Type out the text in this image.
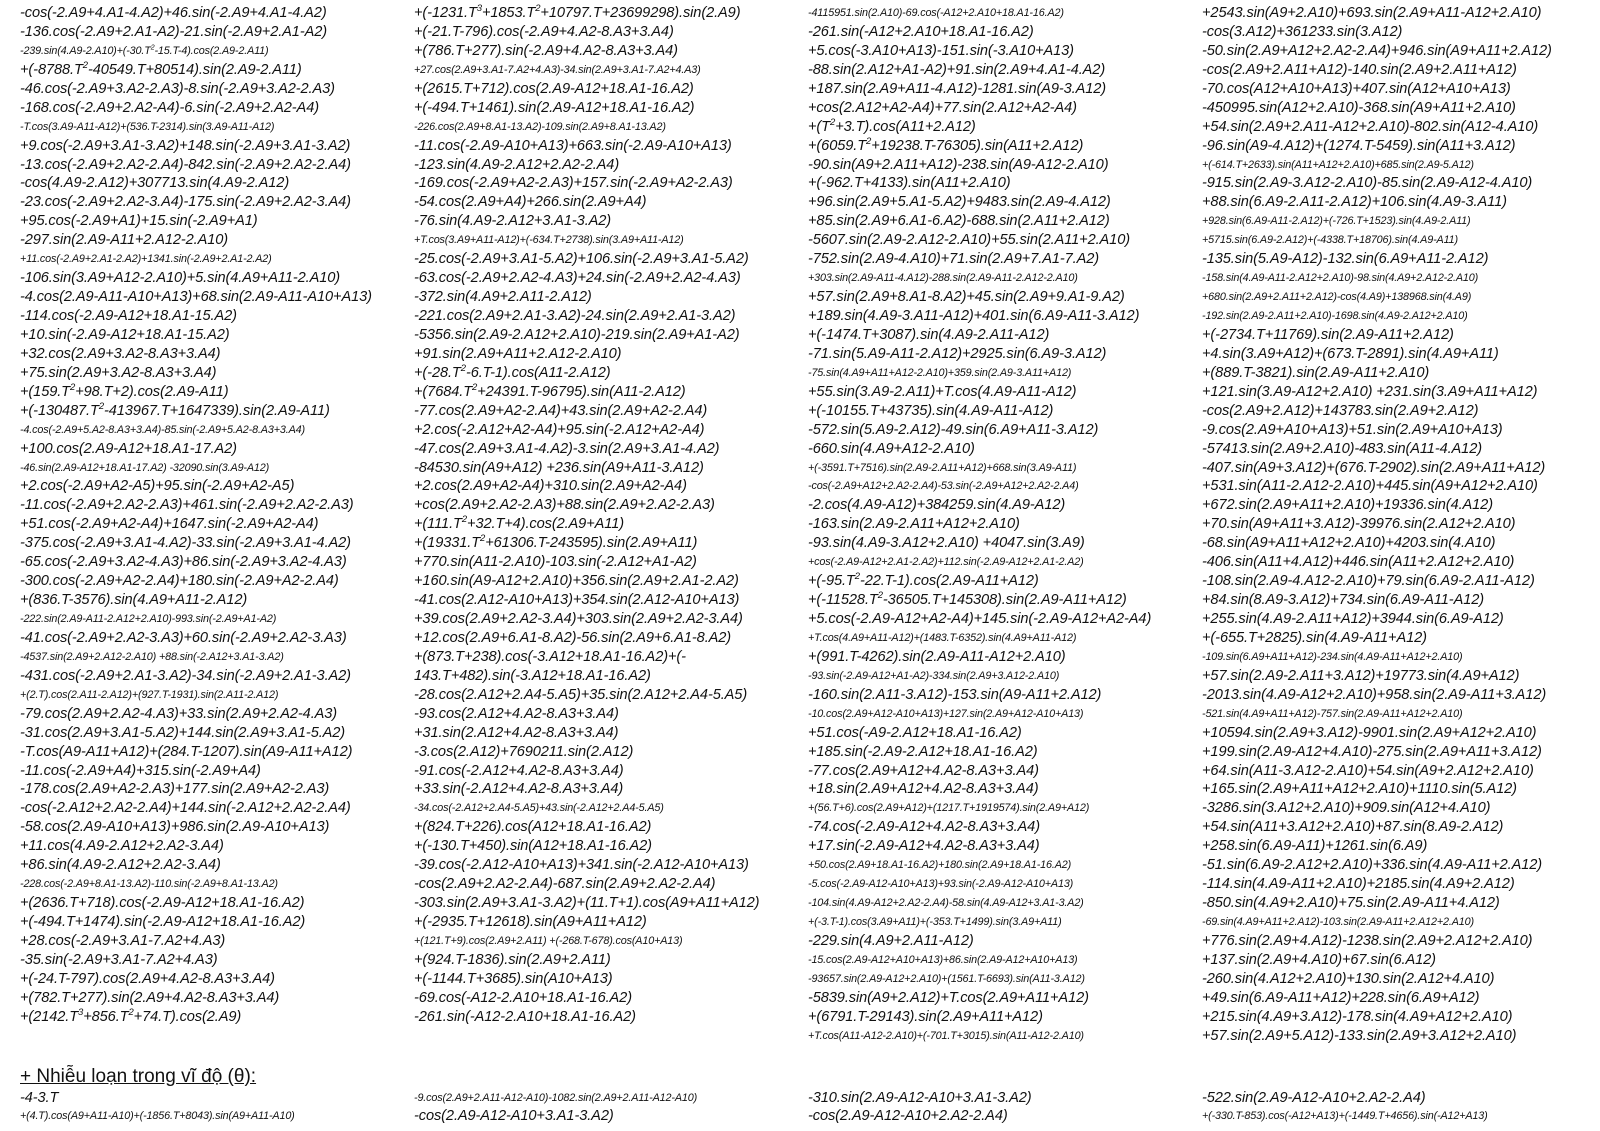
-cos(-2.A9+4.A1-4.A2)+46.sin(-2.A9+4.A1-4.A2)
-136.cos(-2.A9+2.A1-A2)-21.sin(-2.A9+2.A1-A2)
$-239.\sin(4.A9-2.A10)+(-30.T^2-15.T-4).\cos(2.A9-2.A11)$
$+(-8788.T^2-40549.T+80514).\sin(2.A9-2.A11)$
-46.cos(-2.A9+3.A2-2.A3)-8.sin(-2.A9+3.A2-2.A3)
-168.cos(-2.A9+2.A2-A4)-6.sin(-2.A9+2.A2-A4)
-T.cos(3.A9-A11-A12)+(536.T-2314).sin(3.A9-A11-A12)
+9.cos(-2.A9+3.A1-3.A2)+148.sin(-2.A9+3.A1-3.A2)
-13.cos(-2.A9+2.A2-2.A4)-842.sin(-2.A9+2.A2-2.A4)
-cos(4.A9-2.A12)+307713.sin(4.A9-2.A12)
-23.cos(-2.A9+2.A2-3.A4)-175.sin(-2.A9+2.A2-3.A4)
+95.cos(-2.A9+A1)+15.sin(-2.A9+A1)
-297.sin(2.A9-A11+2.A12-2.A10)
+11.cos(-2.A9+2.A1-2.A2)+1341.sin(-2.A9+2.A1-2.A2)
-106.sin(3.A9+A12-2.A10)+5.sin(4.A9+A11-2.A10)
-4.cos(2.A9-A11-A10+A13)+68.sin(2.A9-A11-A10+A13)
-114.cos(-2.A9-A12+18.A1-15.A2)
+10.sin(-2.A9-A12+18.A1-15.A2)
+32.cos(2.A9+3.A2-8.A3+3.A4)
+75.sin(2.A9+3.A2-8.A3+3.A4)
$+(159.T^2+98.T+2).\cos(2.A9-A11)$
$+(-130487.T^2-413967.T+1647339).\sin(2.A9-A11)$
-4.cos(-2.A9+5.A2-8.A3+3.A4)-85.sin(-2.A9+5.A2-8.A3+3.A4)
+100.cos(2.A9-A12+18.A1-17.A2)
-46.sin(2.A9-A12+18.A1-17.A2) -32090.sin(3.A9-A12)
+2.cos(-2.A9+A2-A5)+95.sin(-2.A9+A2-A5)
-11.cos(-2.A9+2.A2-2.A3)+461.sin(-2.A9+2.A2-2.A3)
+51.cos(-2.A9+A2-A4)+1647.sin(-2.A9+A2-A4)
-375.cos(-2.A9+3.A1-4.A2)-33.sin(-2.A9+3.A1-4.A2)
-65.cos(-2.A9+3.A2-4.A3)+86.sin(-2.A9+3.A2-4.A3)
-300.cos(-2.A9+A2-2.A4)+180.sin(-2.A9+A2-2.A4)
+(836.T-3576).sin(4.A9+A11-2.A12)
-222.sin(2.A9-A11-2.A12+2.A10)-993.sin(-2.A9+A1-A2)
-41.cos(-2.A9+2.A2-3.A3)+60.sin(-2.A9+2.A2-3.A3)
-4537.sin(2.A9+2.A12-2.A10) +88.sin(-2.A12+3.A1-3.A2)
-431.cos(-2.A9+2.A1-3.A2)-34.sin(-2.A9+2.A1-3.A2)
+(2.T).cos(2.A11-2.A12)+(927.T-1931).sin(2.A11-2.A12)
-79.cos(2.A9+2.A2-4.A3)+33.sin(2.A9+2.A2-4.A3)
-31.cos(2.A9+3.A1-5.A2)+144.sin(2.A9+3.A1-5.A2)
-T.cos(A9-A11+A12)+(284.T-1207).sin(A9-A11+A12)
-11.cos(-2.A9+A4)+315.sin(-2.A9+A4)
-178.cos(2.A9+A2-2.A3)+177.sin(2.A9+A2-2.A3)
-cos(-2.A12+2.A2-2.A4)+144.sin(-2.A12+2.A2-2.A4)
-58.cos(2.A9-A10+A13)+986.sin(2.A9-A10+A13)
+11.cos(4.A9-2.A12+2.A2-3.A4)
+86.sin(4.A9-2.A12+2.A2-3.A4)
-228.cos(-2.A9+8.A1-13.A2)-110.sin(-2.A9+8.A1-13.A2)
+(2636.T+718).cos(-2.A9-A12+18.A1-16.A2)
+(-494.T+1474).sin(-2.A9-A12+18.A1-16.A2)
+28.cos(-2.A9+3.A1-7.A2+4.A3)
-35.sin(-2.A9+3.A1-7.A2+4.A3)
+(-24.T-797).cos(2.A9+4.A2-8.A3+3.A4)
+(782.T+277).sin(2.A9+4.A2-8.A3+3.A4)
$+(2142.T^3+856.T^2+74.T).\cos(2.A9)$
$+(-1231.T^3+1853.T^2+10797.T+23699298).\sin(2.A9)$
+(-21.T-796).cos(-2.A9+4.A2-8.A3+3.A4)
+(786.T+277).sin(-2.A9+4.A2-8.A3+3.A4)
+27.cos(2.A9+3.A1-7.A2+4.A3)-34.sin(2.A9+3.A1-7.A2+4.A3)
+(2615.T+712).cos(2.A9-A12+18.A1-16.A2)
+(-494.T+1461).sin(2.A9-A12+18.A1-16.A2)
-226.cos(2.A9+8.A1-13.A2)-109.sin(2.A9+8.A1-13.A2)
-11.cos(-2.A9-A10+A13)+663.sin(-2.A9-A10+A13)
-123.sin(4.A9-2.A12+2.A2-2.A4)
-169.cos(-2.A9+A2-2.A3)+157.sin(-2.A9+A2-2.A3)
-54.cos(2.A9+A4)+266.sin(2.A9+A4)
-76.sin(4.A9-2.A12+3.A1-3.A2)
+T.cos(3.A9+A11-A12)+(-634.T+2738).sin(3.A9+A11-A12)
-25.cos(-2.A9+3.A1-5.A2)+106.sin(-2.A9+3.A1-5.A2)
-63.cos(-2.A9+2.A2-4.A3)+24.sin(-2.A9+2.A2-4.A3)
-372.sin(4.A9+2.A11-2.A12)
-221.cos(2.A9+2.A1-3.A2)-24.sin(2.A9+2.A1-3.A2)
-5356.sin(2.A9-2.A12+2.A10)-219.sin(2.A9+A1-A2)
+91.sin(2.A9+A11+2.A12-2.A10)
$+(-28.T^2-6.T-1).\cos(A11-2.A12)$
$+(7684.T^2+24391.T-96795).\sin(A11-2.A12)$
-77.cos(2.A9+A2-2.A4)+43.sin(2.A9+A2-2.A4)
+2.cos(-2.A12+A2-A4)+95.sin(-2.A12+A2-A4)
-47.cos(2.A9+3.A1-4.A2)-3.sin(2.A9+3.A1-4.A2)
-84530.sin(A9+A12) +236.sin(A9+A11-3.A12)
+2.cos(2.A9+A2-A4)+310.sin(2.A9+A2-A4)
+cos(2.A9+2.A2-2.A3)+88.sin(2.A9+2.A2-2.A3)
$+(111.T^2+32.T+4).\cos(2.A9+A11)$
$+(19331.T^2+61306.T-243595).\sin(2.A9+A11)$
+770.sin(A11-2.A10)-103.sin(-2.A12+A1-A2)
+160.sin(A9-A12+2.A10)+356.sin(2.A9+2.A1-2.A2)
-41.cos(2.A12-A10+A13)+354.sin(2.A12-A10+A13)
+39.cos(2.A9+2.A2-3.A4)+303.sin(2.A9+2.A2-3.A4)
+12.cos(2.A9+6.A1-8.A2)-56.sin(2.A9+6.A1-8.A2)
+(873.T+238).cos(-3.A12+18.A1-16.A2)+(-
143.T+482).sin(-3.A12+18.A1-16.A2)
-28.cos(2.A12+2.A4-5.A5)+35.sin(2.A12+2.A4-5.A5)
-93.cos(2.A12+4.A2-8.A3+3.A4)
+31.sin(2.A12+4.A2-8.A3+3.A4)
-3.cos(2.A12)+7690211.sin(2.A12)
-91.cos(-2.A12+4.A2-8.A3+3.A4)
+33.sin(-2.A12+4.A2-8.A3+3.A4)
-34.cos(-2.A12+2.A4-5.A5)+43.sin(-2.A12+2.A4-5.A5)
+(824.T+226).cos(A12+18.A1-16.A2)
+(-130.T+450).sin(A12+18.A1-16.A2)
-39.cos(-2.A12-A10+A13)+341.sin(-2.A12-A10+A13)
-cos(2.A9+2.A2-2.A4)-687.sin(2.A9+2.A2-2.A4)
-303.sin(2.A9+3.A1-3.A2)+(11.T+1).cos(A9+A11+A12)
+(-2935.T+12618).sin(A9+A11+A12)
+(121.T+9).cos(2.A9+2.A11) +(-268.T-678).cos(A10+A13)
+(924.T-1836).sin(2.A9+2.A11)
+(-1144.T+3685).sin(A10+A13)
-69.cos(-A12-2.A10+18.A1-16.A2)
-261.sin(-A12-2.A10+18.A1-16.A2)
-4115951.sin(2.A10)-69.cos(-A12+2.A10+18.A1-16.A2)
-261.sin(-A12+2.A10+18.A1-16.A2)
+5.cos(-3.A10+A13)-151.sin(-3.A10+A13)
-88.sin(2.A12+A1-A2)+91.sin(2.A9+4.A1-4.A2)
+187.sin(2.A9+A11-4.A12)-1281.sin(A9-3.A12)
+cos(2.A12+A2-A4)+77.sin(2.A12+A2-A4)
$+(T^2+3.T).\cos(A11+2.A12)$
$+(6059.T^2+19238.T-76305).\sin(A11+2.A12)$
-90.sin(A9+2.A11+A12)-238.sin(A9-A12-2.A10)
+(-962.T+4133).sin(A11+2.A10)
+96.sin(2.A9+5.A1-5.A2)+9483.sin(2.A9-4.A12)
+85.sin(2.A9+6.A1-6.A2)-688.sin(2.A11+2.A12)
-5607.sin(2.A9-2.A12-2.A10)+55.sin(2.A11+2.A10)
-752.sin(2.A9-4.A10)+71.sin(2.A9+7.A1-7.A2)
+303.sin(2.A9-A11-4.A12)-288.sin(2.A9-A11-2.A12-2.A10)
+57.sin(2.A9+8.A1-8.A2)+45.sin(2.A9+9.A1-9.A2)
+189.sin(4.A9-3.A11-A12)+401.sin(6.A9-A11-3.A12)
+(-1474.T+3087).sin(4.A9-2.A11-A12)
-71.sin(5.A9-A11-2.A12)+2925.sin(6.A9-3.A12)
-75.sin(4.A9+A11+A12-2.A10)+359.sin(2.A9-3.A11+A12)
+55.sin(3.A9-2.A11)+T.cos(4.A9-A11-A12)
+(-10155.T+43735).sin(4.A9-A11-A12)
-572.sin(5.A9-2.A12)-49.sin(6.A9+A11-3.A12)
-660.sin(4.A9+A12-2.A10)
+(-3591.T+7516).sin(2.A9-2.A11+A12)+668.sin(3.A9-A11)
-cos(-2.A9+A12+2.A2-2.A4)-53.sin(-2.A9+A12+2.A2-2.A4)
-2.cos(4.A9-A12)+384259.sin(4.A9-A12)
-163.sin(2.A9-2.A11+A12+2.A10)
-93.sin(4.A9-3.A12+2.A10) +4047.sin(3.A9)
+cos(-2.A9-A12+2.A1-2.A2)+112.sin(-2.A9-A12+2.A1-2.A2)
$+(-95.T^2-22.T-1).\cos(2.A9-A11+A12)$
$+(-11528.T^2-36505.T+145308).\sin(2.A9-A11+A12)$
+5.cos(-2.A9-A12+A2-A4)+145.sin(-2.A9-A12+A2-A4)
+T.cos(4.A9+A11-A12)+(1483.T-6352).sin(4.A9+A11-A12)
+(991.T-4262).sin(2.A9-A11-A12+2.A10)
-93.sin(-2.A9-A12+A1-A2)-334.sin(2.A9+3.A12-2.A10)
-160.sin(2.A11-3.A12)-153.sin(A9-A11+2.A12)
-10.cos(2.A9+A12-A10+A13)+127.sin(2.A9+A12-A10+A13)
+51.cos(-A9-2.A12+18.A1-16.A2)
+185.sin(-2.A9-2.A12+18.A1-16.A2)
-77.cos(2.A9+A12+4.A2-8.A3+3.A4)
+18.sin(2.A9+A12+4.A2-8.A3+3.A4)
+(56.T+6).cos(2.A9+A12)+(1217.T+1919574).sin(2.A9+A12)
-74.cos(-2.A9-A12+4.A2-8.A3+3.A4)
+17.sin(-2.A9-A12+4.A2-8.A3+3.A4)
+50.cos(2.A9+18.A1-16.A2)+180.sin(2.A9+18.A1-16.A2)
-5.cos(-2.A9-A12-A10+A13)+93.sin(-2.A9-A12-A10+A13)
-104.sin(4.A9-A12+2.A2-2.A4)-58.sin(4.A9-A12+3.A1-3.A2)
+(-3.T-1).cos(3.A9+A11)+(-353.T+1499).sin(3.A9+A11)
-229.sin(4.A9+2.A11-A12)
-15.cos(2.A9-A12+A10+A13)+86.sin(2.A9-A12+A10+A13)
-93657.sin(2.A9-A12+2.A10)+(1561.T-6693).sin(A11-3.A12)
-5839.sin(A9+2.A12)+T.cos(2.A9+A11+A12)
+(6791.T-29143).sin(2.A9+A11+A12)
+T.cos(A11-A12-2.A10)+(-701.T+3015).sin(A11-A12-2.A10)
+2543.sin(A9+2.A10)+693.sin(2.A9+A11-A12+2.A10)
-cos(3.A12)+361233.sin(3.A12)
-50.sin(2.A9+A12+2.A2-2.A4)+946.sin(A9+A11+2.A12)
-cos(2.A9+2.A11+A12)-140.sin(2.A9+2.A11+A12)
-70.cos(A12+A10+A13)+407.sin(A12+A10+A13)
-450995.sin(A12+2.A10)-368.sin(A9+A11+2.A10)
+54.sin(2.A9+2.A11-A12+2.A10)-802.sin(A12-4.A10)
-96.sin(A9-4.A12)+(1274.T-5459).sin(A11+3.A12)
+(-614.T+2633).sin(A11+A12+2.A10)+685.sin(2.A9-5.A12)
-915.sin(2.A9-3.A12-2.A10)-85.sin(2.A9-A12-4.A10)
+88.sin(6.A9-2.A11-2.A12)+106.sin(4.A9-3.A11)
+928.sin(6.A9-A11-2.A12)+(-726.T+1523).sin(4.A9-2.A11)
+5715.sin(6.A9-2.A12)+(-4338.T+18706).sin(4.A9-A11)
-135.sin(5.A9-A12)-132.sin(6.A9+A11-2.A12)
-158.sin(4.A9-A11-2.A12+2.A10)-98.sin(4.A9+2.A12-2.A10)
+680.sin(2.A9+2.A11+2.A12)-cos(4.A9)+138968.sin(4.A9)
-192.sin(2.A9-2.A11+2.A10)-1698.sin(4.A9-2.A12+2.A10)
+(-2734.T+11769).sin(2.A9-A11+2.A12)
+4.sin(3.A9+A12)+(673.T-2891).sin(4.A9+A11)
+(889.T-3821).sin(2.A9-A11+2.A10)
+121.sin(3.A9-A12+2.A10) +231.sin(3.A9+A11+A12)
-cos(2.A9+2.A12)+143783.sin(2.A9+2.A12)
-9.cos(2.A9+A10+A13)+51.sin(2.A9+A10+A13)
-57413.sin(2.A9+2.A10)-483.sin(A11-4.A12)
-407.sin(A9+3.A12)+(676.T-2902).sin(2.A9+A11+A12)
+531.sin(A11-2.A12-2.A10)+445.sin(A9+A12+2.A10)
+672.sin(2.A9+A11+2.A10)+19336.sin(4.A12)
+70.sin(A9+A11+3.A12)-39976.sin(2.A12+2.A10)
-68.sin(A9+A11+A12+2.A10)+4203.sin(4.A10)
-406.sin(A11+4.A12)+446.sin(A11+2.A12+2.A10)
-108.sin(2.A9-4.A12-2.A10)+79.sin(6.A9-2.A11-A12)
+84.sin(8.A9-3.A12)+734.sin(6.A9-A11-A12)
+255.sin(4.A9-2.A11+A12)+3944.sin(6.A9-A12)
+(-655.T+2825).sin(4.A9-A11+A12)
-109.sin(6.A9+A11+A12)-234.sin(4.A9-A11+A12+2.A10)
+57.sin(2.A9-2.A11+3.A12)+19773.sin(4.A9+A12)
-2013.sin(4.A9-A12+2.A10)+958.sin(2.A9-A11+3.A12)
-521.sin(4.A9+A11+A12)-757.sin(2.A9-A11+A12+2.A10)
+10594.sin(2.A9+3.A12)-9901.sin(2.A9+A12+2.A10)
+199.sin(2.A9-A12+4.A10)-275.sin(2.A9+A11+3.A12)
+64.sin(A11-3.A12-2.A10)+54.sin(A9+2.A12+2.A10)
+165.sin(2.A9+A11+A12+2.A10)+1110.sin(5.A12)
-3286.sin(3.A12+2.A10)+909.sin(A12+4.A10)
+54.sin(A11+3.A12+2.A10)+87.sin(8.A9-2.A12)
+258.sin(6.A9-A11)+1261.sin(6.A9)
-51.sin(6.A9-2.A12+2.A10)+336.sin(4.A9-A11+2.A12)
-114.sin(4.A9-A11+2.A10)+2185.sin(4.A9+2.A12)
-850.sin(4.A9+2.A10)+75.sin(2.A9-A11+4.A12)
-69.sin(4.A9+A11+2.A12)-103.sin(2.A9-A11+2.A12+2.A10)
+776.sin(2.A9+4.A12)-1238.sin(2.A9+2.A12+2.A10)
+137.sin(2.A9+4.A10)+67.sin(6.A12)
-260.sin(4.A12+2.A10)+130.sin(2.A12+4.A10)
+49.sin(6.A9-A11+A12)+228.sin(6.A9+A12)
+215.sin(4.A9+3.A12)-178.sin(4.A9+A12+2.A10)
+57.sin(2.A9+5.A12)-133.sin(2.A9+3.A12+2.A10)
+ Nhiễu loạn trong vĩ độ (θ):
-4-3.T
+(4.T).cos(A9+A11-A10)+(-1856.T+8043).sin(A9+A11-A10)
-9.cos(2.A9+2.A11-A12-A10)-1082.sin(2.A9+2.A11-A12-A10)
-cos(2.A9-A12-A10+3.A1-3.A2)
-310.sin(2.A9-A12-A10+3.A1-3.A2)
-cos(2.A9-A12-A10+2.A2-2.A4)
-522.sin(2.A9-A12-A10+2.A2-2.A4)
+(-330.T-853).cos(-A12+A13)+(-1449.T+4656).sin(-A12+A13)
